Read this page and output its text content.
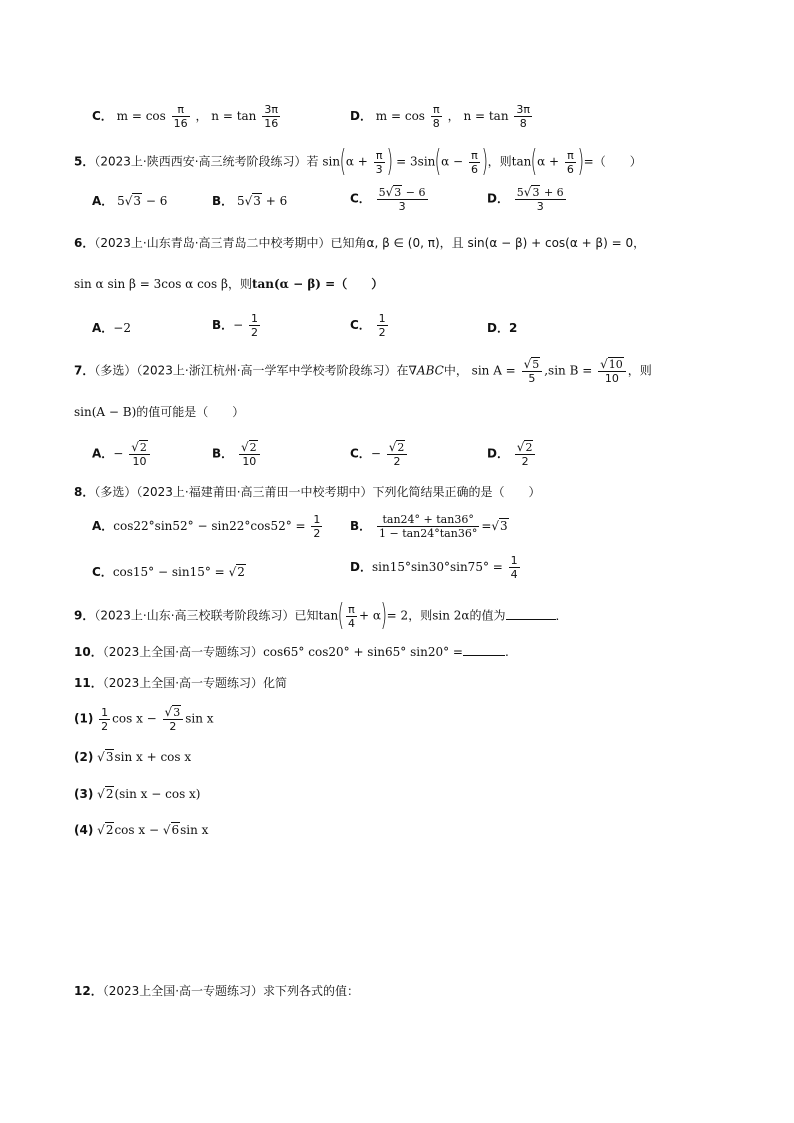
C． $m = \cos \frac{\pi}{16}$ ， $n = \tan \frac{3\pi}{16}$	D． $m = \cos \frac{\pi}{8}$ ， $n = \tan \frac{3\pi}{8}$
5．（2023上·陕西西安·高三统考阶段练习）若 $\sin(\alpha + \frac{\pi}{3}$ ) = $3\sin(\alpha - \frac{\pi}{6}$ )，则$\tan(\alpha + \frac{\pi}{6}$ )=（　　）
A． 5√3 − 6	B． 5√3 + 6	C． $\frac{5√3 - 6}{3}$	D． $\frac{5√3 + 6}{3}$
6．（2023上·山东青岛·高三青岛二中校考期中）已知角α, β ∈ (0, π)，且 sin(α − β) + cos(α + β) = 0，
sin α sin β = 3cos α cos β，则tan(α − β) =（　　）
A．−2	B．− $\frac{1}{2}$	C． $\frac{1}{2}$	D．2
7．（多选）（2023上·浙江杭州·高一学军中学校考阶段练习）在∇ABC中， $\sin A = \frac{√5}{5} ,\sin$ $B = \frac{√10}{10}$ ，则
sin(A − B)的值可能是（　　）
A．− $\frac{√2}{10}$	B． $\frac{√2}{10}$	C．− $\frac{√2}{2}$	D． $\frac{√2}{2}$
8．（多选）（2023上·福建莆田·高三莆田一中校考期中）下列化简结果正确的是（　　）
A．$\cos 22^\circ\sin 52^\circ - \sin 22^\circ\cos 52^\circ = \frac{1}{2}$ B． $\frac{\tan 24^\circ + \tan 36^\circ}{1 - \tan 24^\circ\tan 36^\circ} =√3$
C．cos15° − sin15° = √2	D．$\sin 15^\circ\sin 30^\circ\sin 75^\circ = \frac{1}{4}$
9．（2023上·山东·高三校联考阶段练习）已知$\tan( \frac{\pi}{4} + \alpha)= 2$，则sin 2α的值为	．
10．（2023上全国·高一专题练习）cos65° cos20° + sin65° sin20° =	.
11．（2023上全国·高一专题练习）化简
$(1) \frac{1}{2}$ $\cos x - \frac{√3}{2}$ sin x
(2) √3sin x + cos x
(3) √2(sin x − cos x)
(4) √2cos x − √6sin x
12．（2023上全国·高一专题练习）求下列各式的值：
